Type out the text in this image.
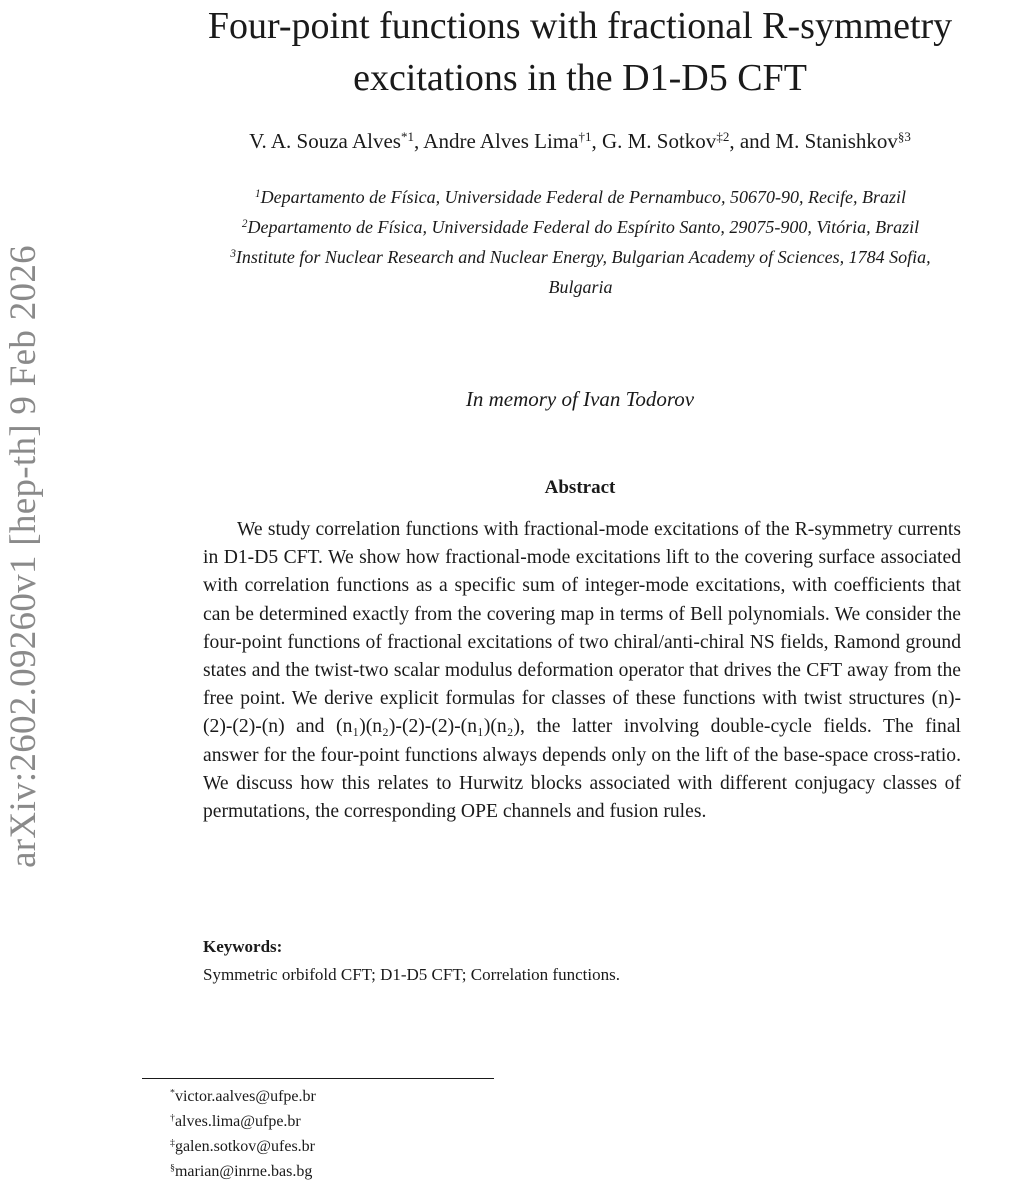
arXiv:2602.09260v1 [hep-th] 9 Feb 2026
Four-point functions with fractional R-symmetry
excitations in the D1-D5 CFT
V. A. Souza Alves$^{*1}$, Andre Alves Lima$^{\dagger 1}$, G. M. Sotkov$^{\ddagger 2}$, and M. Stanishkov$^{\S 3}$
$^1$Departamento de Física, Universidade Federal de Pernambuco, 50670-90, Recife, Brazil
$^2$Departamento de Física, Universidade Federal do Espírito Santo, 29075-900, Vitória, Brazil
$^3$Institute for Nuclear Research and Nuclear Energy, Bulgarian Academy of Sciences, 1784 Sofia,
Bulgaria
In memory of Ivan Todorov
Abstract

We study correlation functions with fractional-mode excitations of the R-symmetry currents in D1-D5 CFT. We show how fractional-mode excitations lift to the covering surface associated with correlation functions as a specific sum of integer-mode excitations, with coefficients that can be determined exactly from the covering map in terms of Bell polynomials. We consider the four-point functions of fractional excitations of two chiral/anti-chiral NS fields, Ramond ground states and the twist-two scalar modulus deformation operator that drives the CFT away from the free point. We derive explicit formulas for classes of these functions with twist structures (n)-(2)-(2)-(n) and (n₁)(n₂)-(2)-(2)-(n₁)(n₂), the latter involving double-cycle fields. The final answer for the four-point functions always depends only on the lift of the base-space cross-ratio. We discuss how this relates to Hurwitz blocks associated with different conjugacy classes of permutations, the corresponding OPE channels and fusion rules.

Keywords:
Symmetric orbifold CFT; D1-D5 CFT; Correlation functions.
*victor.aalves@ufpe.br
†alves.lima@ufpe.br
‡galen.sotkov@ufes.br
§marian@inrne.bas.bg
